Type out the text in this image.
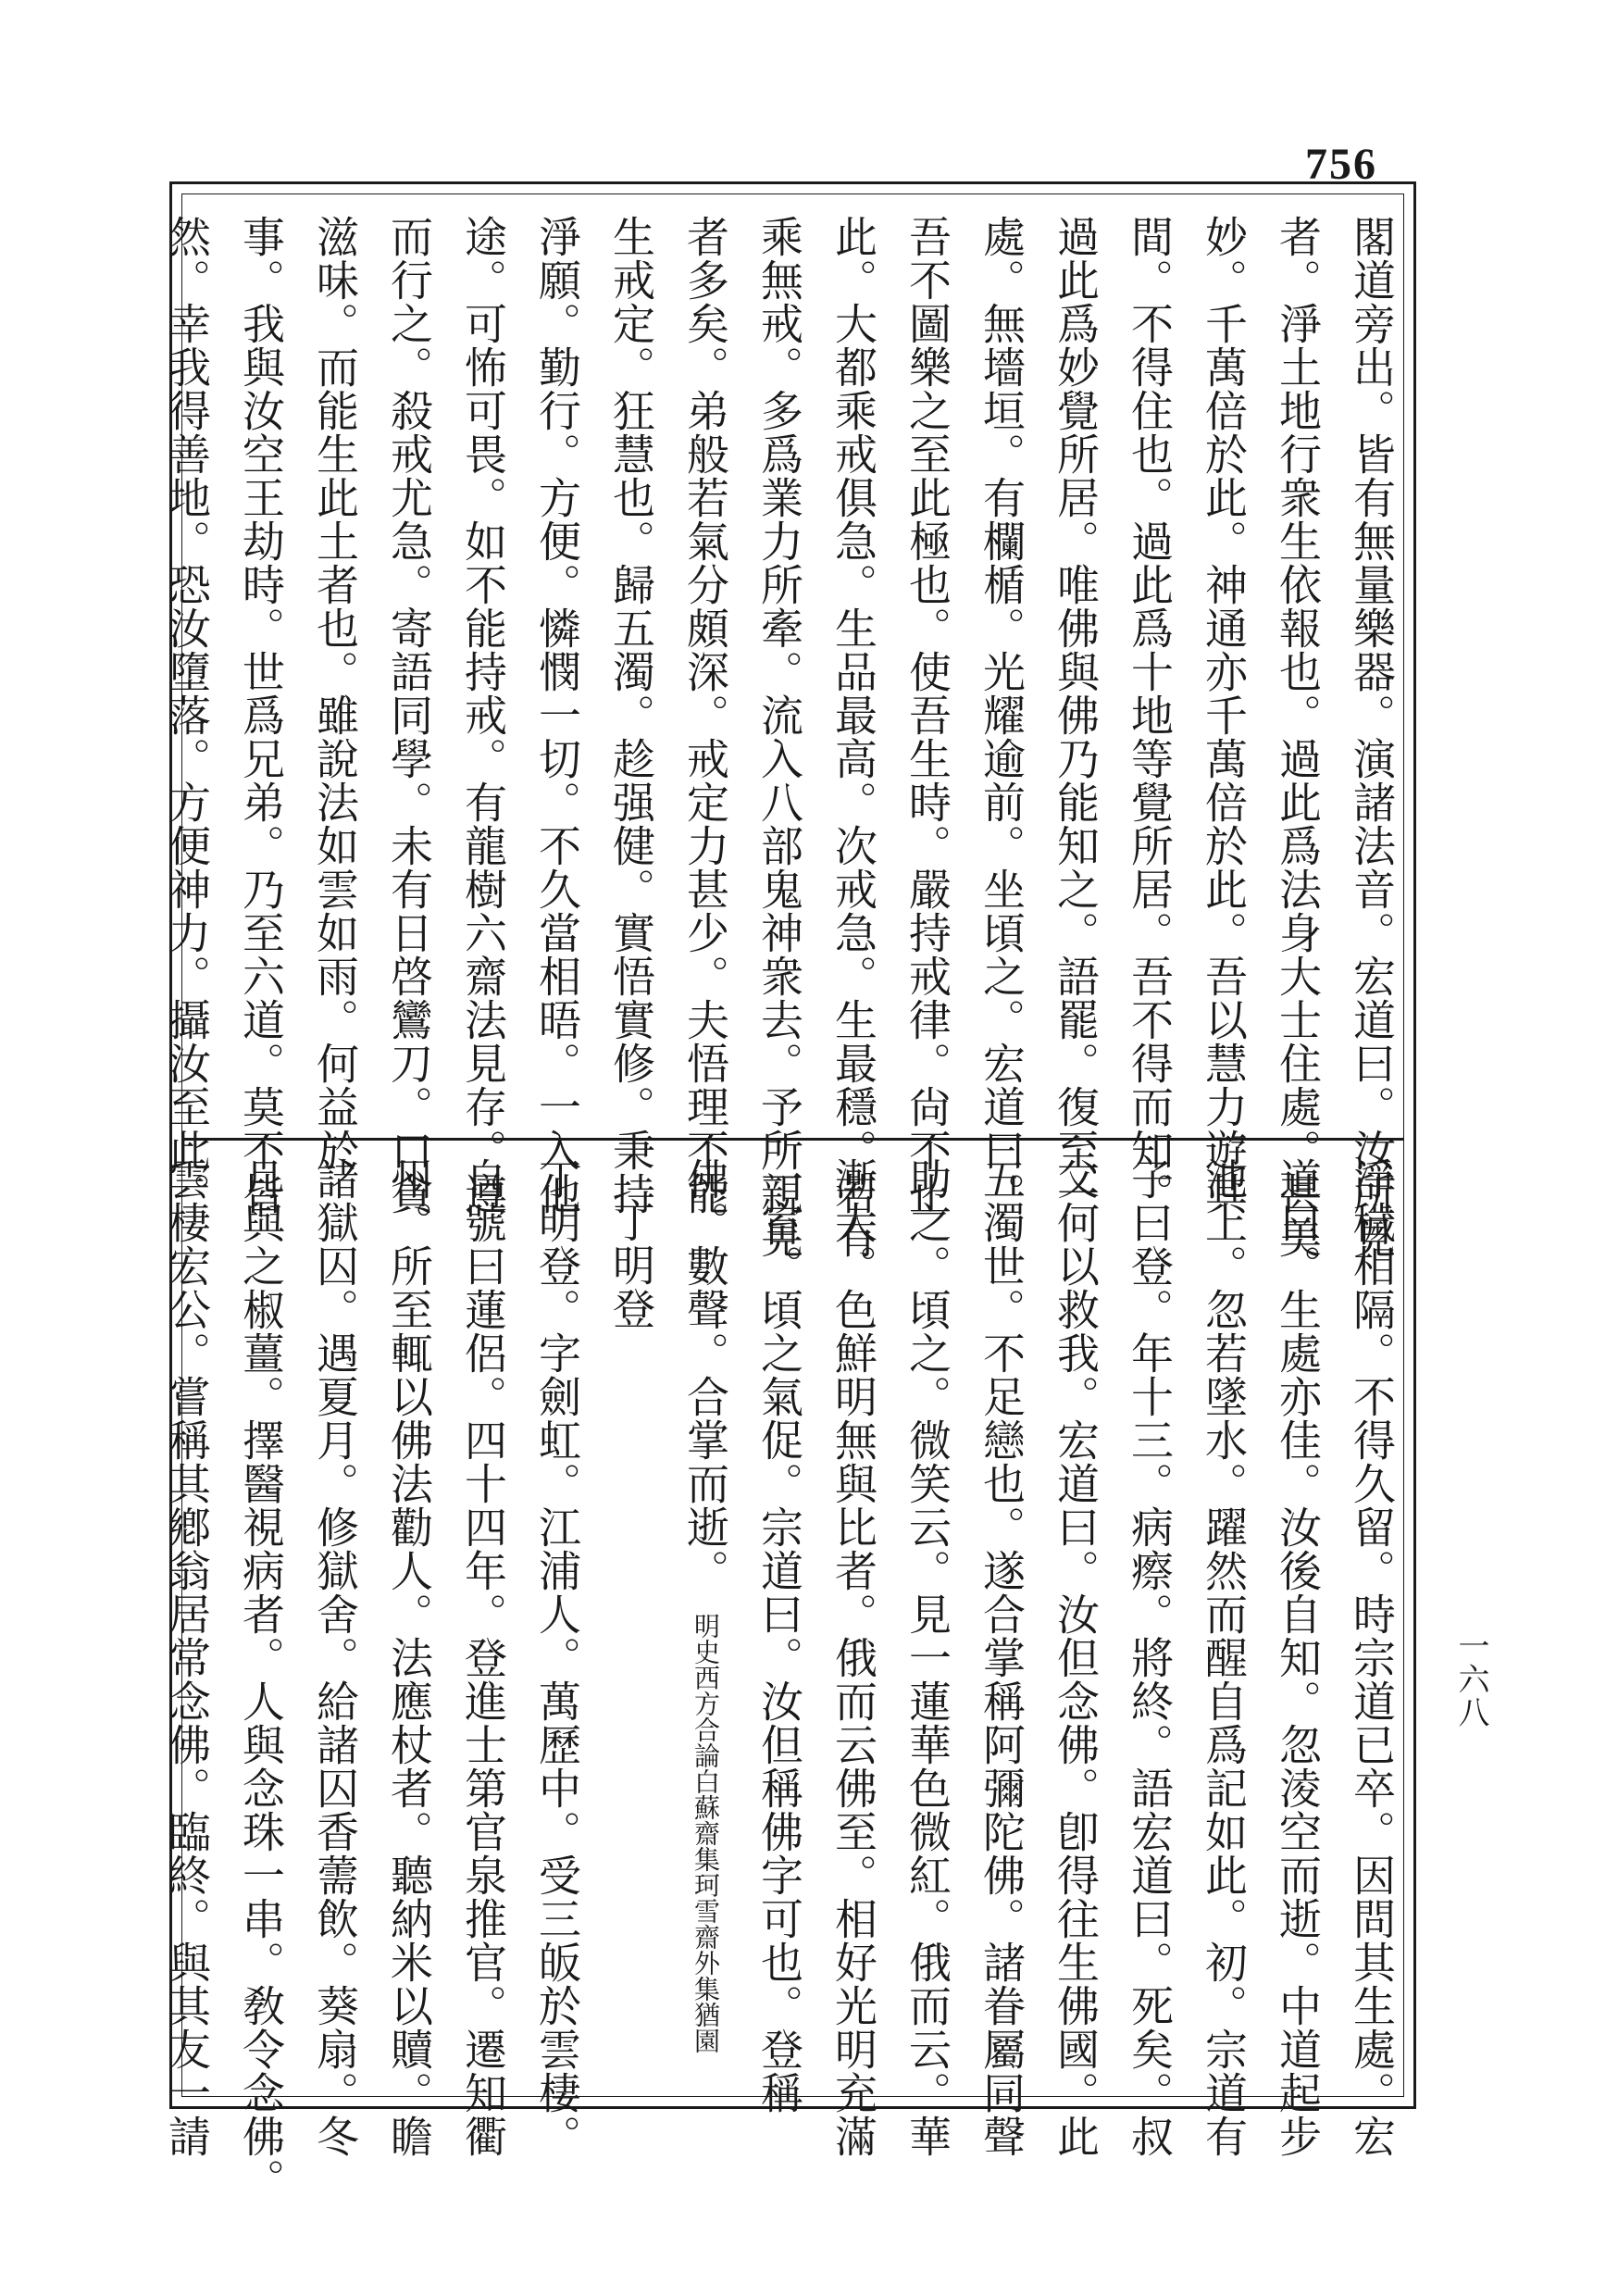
756
一六八
閣道旁出。皆有無量樂器。演諸法音。宏道曰。汝所見
者。淨土地行衆生依報也。過此爲法身大士住處。甚美
妙。千萬倍於此。神通亦千萬倍於此。吾以慧力遊其
間。不得住也。過此爲十地等覺所居。吾不得而知。
過此爲妙覺所居。唯佛與佛乃能知之。語罷。復至一
處。無墻垣。有欄楯。光耀逾前。坐頃之。宏道曰。
吾不圖樂之至此極也。使吾生時。嚴持戒律。尙不止
此。大都乘戒俱急。生品最高。次戒急。生最穩。若有
乘無戒。多爲業力所牽。流入八部鬼神衆去。予所親見
者多矣。弟般若氣分頗深。戒定力甚少。夫悟理不能
生戒定。狂慧也。歸五濁。趁强健。實悟實修。秉持
淨願。勤行。方便。憐憫一切。不久當相晤。一入他
途。可怖可畏。如不能持戒。有龍樹六齋法見存。遵
而行之。殺戒尤急。寄語同學。未有日啓鸞刀。口貪
滋味。而能生此土者也。雖說法如雲如雨。何益於
事。我與汝空王劫時。世爲兄弟。乃至六道。莫不皆
然。幸我得善地。恐汝墮落。方便神力。攝汝至此。
淨穢相隔。不得久留。時宗道已卒。因問其生處。宏
道曰。生處亦佳。汝後自知。忽淩空而逝。中道起步
池上。忽若墜水。躍然而醒自爲記如此。初。宗道有
子曰登。年十三。病瘵。將終。語宏道曰。死矣。叔
父何以救我。宏道曰。汝但念佛。卽得往生佛國。此
五濁世。不足戀也。遂合掌稱阿彌陀佛。諸眷屬同聲
助之。頃之。微笑云。見一蓮華色微紅。俄而云。華
漸大。色鮮明無與比者。俄而云佛至。相好光明充滿
一室。頃之氣促。宗道曰。汝但稱佛字可也。登稱
佛。數聲。合掌而逝。 明史西方合論白蘇齋集珂雪齋外集猶園
丁明登
丁明登。字劍虹。江浦人。萬歷中。受三皈於雲棲。
自號曰蓮侶。四十四年。登進士第官泉推官。遷知衢
州。所至輒以佛法勸人。法應杖者。聽納米以贖。瞻
諸獄囚。遇夏月。修獄舍。給諸囚香薷飲。葵扇。冬
月與之椒薑。擇醫視病者。人與念珠一串。敎令念佛。
雲棲宏公。嘗稱其鄕翁居常念佛。臨終。與其友一請
